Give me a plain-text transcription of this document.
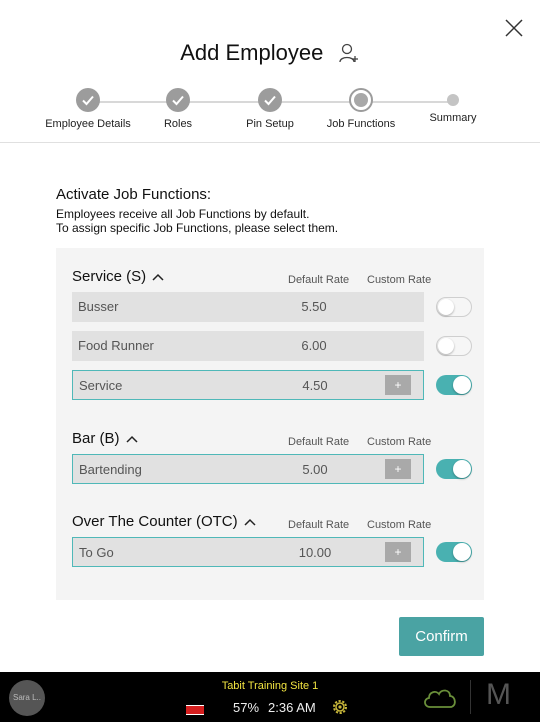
Add Employee
Employee Details	Roles	Pin Setup	Job Functions	Summary
Activate Job Functions:
Employees receive all Job Functions by default.
To assign specific Job Functions, please select them.
Service (S)	Default Rate Custom Rate
Busser	5.50
Food Runner	6.00
Service	4.50	+
Bar (B)	Default Rate Custom Rate
Bartending	5.00	+
Over The Counter (OTC)	Default Rate Custom Rate
To Go	10.00	+
Confirm
Sara L..
Tabit Training Site 1
57% 2:36 AM	M
